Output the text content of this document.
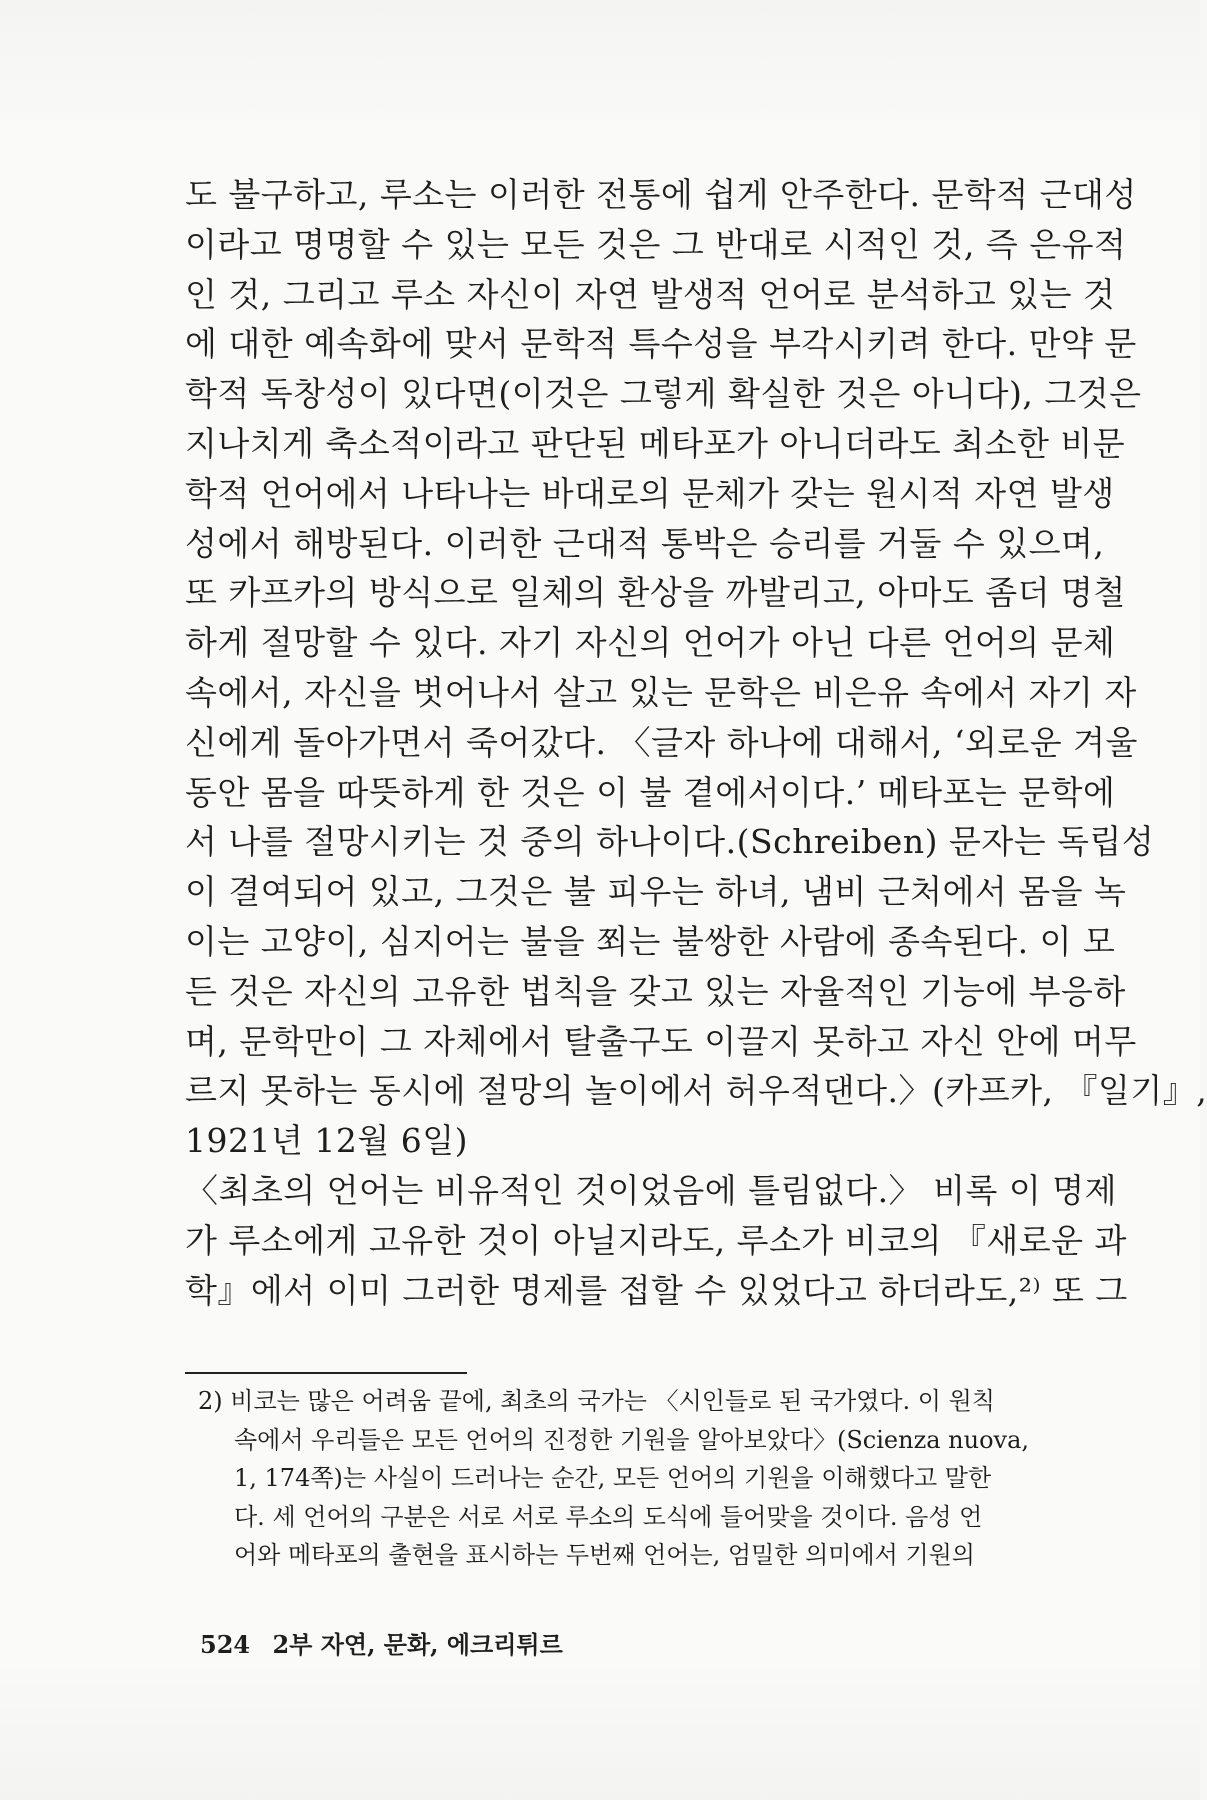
도 불구하고, 루소는 이러한 전통에 쉽게 안주한다. 문학적 근대성
이라고 명명할 수 있는 모든 것은 그 반대로 시적인 것, 즉 은유적
인 것, 그리고 루소 자신이 자연 발생적 언어로 분석하고 있는 것
에 대한 예속화에 맞서 문학적 특수성을 부각시키려 한다. 만약 문
학적 독창성이 있다면(이것은 그렇게 확실한 것은 아니다), 그것은
지나치게 축소적이라고 판단된 메타포가 아니더라도 최소한 비문
학적 언어에서 나타나는 바대로의 문체가 갖는 원시적 자연 발생
성에서 해방된다. 이러한 근대적 통박은 승리를 거둘 수 있으며,
또 카프카의 방식으로 일체의 환상을 까발리고, 아마도 좀더 명철
하게 절망할 수 있다. 자기 자신의 언어가 아닌 다른 언어의 문체
속에서, 자신을 벗어나서 살고 있는 문학은 비은유 속에서 자기 자
신에게 돌아가면서 죽어갔다. 〈글자 하나에 대해서, ‘외로운 겨울
동안 몸을 따뜻하게 한 것은 이 불 곁에서이다.’ 메타포는 문학에
서 나를 절망시키는 것 중의 하나이다.(Schreiben) 문자는 독립성
이 결여되어 있고, 그것은 불 피우는 하녀, 냄비 근처에서 몸을 녹
이는 고양이, 심지어는 불을 쬐는 불쌍한 사람에 종속된다. 이 모
든 것은 자신의 고유한 법칙을 갖고 있는 자율적인 기능에 부응하
며, 문학만이 그 자체에서 탈출구도 이끌지 못하고 자신 안에 머무
르지 못하는 동시에 절망의 놀이에서 허우적댄다.〉(카프카, 『일기』,
1921년 12월 6일)
〈최초의 언어는 비유적인 것이었음에 틀림없다.〉 비록 이 명제
가 루소에게 고유한 것이 아닐지라도, 루소가 비코의 『새로운 과
학』에서 이미 그러한 명제를 접할 수 있었다고 하더라도,²⁾ 또 그
2) 비코는 많은 어려움 끝에, 최초의 국가는 〈시인들로 된 국가였다. 이 원칙
속에서 우리들은 모든 언어의 진정한 기원을 알아보았다〉(Scienza nuova,
1, 174쪽)는 사실이 드러나는 순간, 모든 언어의 기원을 이해했다고 말한
다. 세 언어의 구분은 서로 서로 루소의 도식에 들어맞을 것이다. 음성 언
어와 메타포의 출현을 표시하는 두번째 언어는, 엄밀한 의미에서 기원의
524 2부 자연, 문화, 에크리튀르
